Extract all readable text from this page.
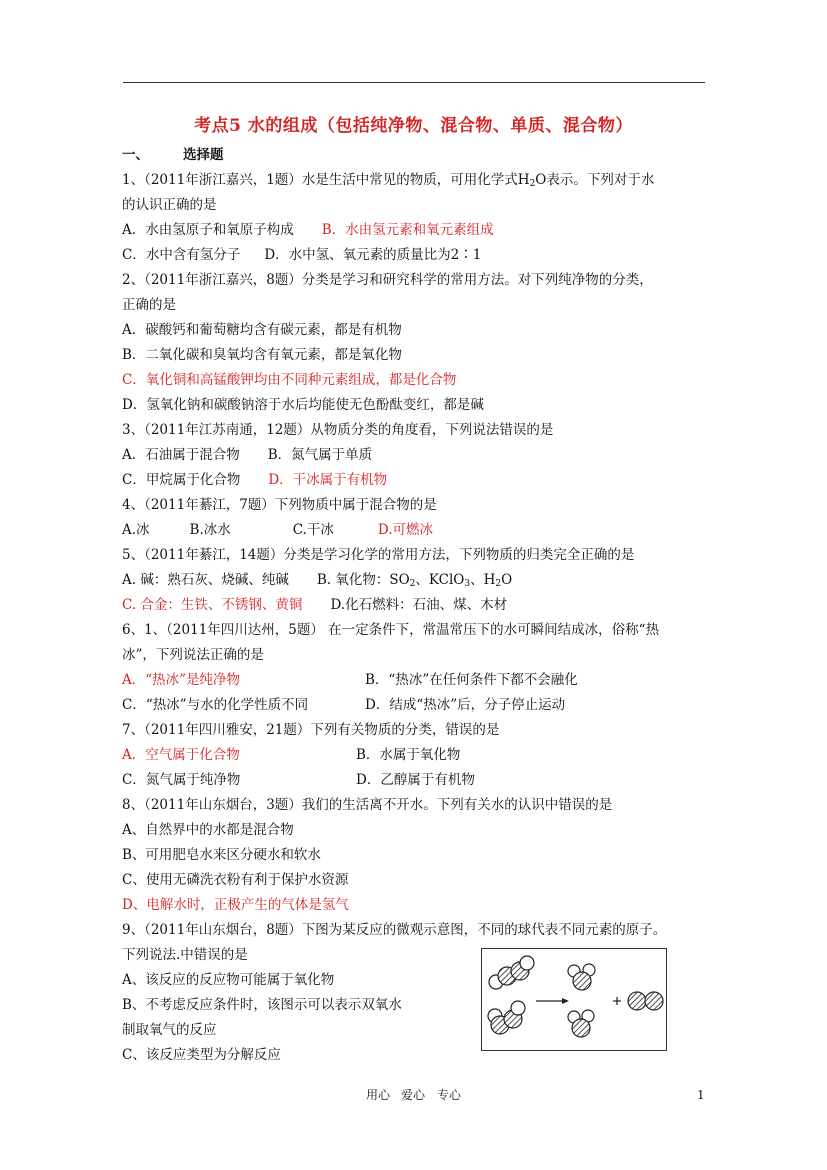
考点5 水的组成（包括纯净物、混合物、单质、混合物）
一、	选择题
1、（2011年浙江嘉兴，1题）水是生活中常见的物质，可用化学式$H_2O$表示。下列对于水
的认识正确的是
A．水由氢原子和氧原子构成 B．水由氢元素和氧元素组成
C．水中含有氢分子 D．水中氢、氧元素的质量比为2∶1
2、（2011年浙江嘉兴，8题）分类是学习和研究科学的常用方法。对下列纯净物的分类，
正确的是
A．碳酸钙和葡萄糖均含有碳元素，都是有机物
B．二氧化碳和臭氧均含有氧元素，都是氧化物
C．氧化铜和高锰酸钾均由不同种元素组成，都是化合物
D．氢氧化钠和碳酸钠溶于水后均能使无色酚酞变红，都是碱
3、（2011年江苏南通，12题）从物质分类的角度看，下列说法错误的是
A．石油属于混合物 B．氮气属于单质
C．甲烷属于化合物 D．干冰属于有机物
4、（2011年綦江，7题）下列物质中属于混合物的是
A.冰	B.冰水	C.干冰	D.可燃冰
5、（2011年綦江，14题）分类是学习化学的常用方法，下列物质的归类完全正确的是
A. 碱：熟石灰、烧碱、纯碱 B. 氧化物：$SO_2$、KClO$_3$、$H_2O$
C. 合金：生铁、不锈钢、黄铜 D.化石燃料：石油、煤、木材
6、1、（2011年四川达州，5题） 在一定条件下，常温常压下的水可瞬间结成冰，俗称“热
冰”，下列说法正确的是
A．“热冰”是纯净物	B．“热冰”在任何条件下都不会融化
C．“热冰”与水的化学性质不同	D．结成“热冰”后，分子停止运动
7、（2011年四川雅安，21题）下列有关物质的分类，错误的是
A．空气属于化合物	B．水属于氧化物
C．氮气属于纯净物	D．乙醇属于有机物
8、（2011年山东烟台，3题）我们的生活离不开水。下列有关水的认识中错误的是
A、自然界中的水都是混合物
B、可用肥皂水来区分硬水和软水
C、使用无磷洗衣粉有利于保护水资源
D、电解水时，正极产生的气体是氢气
9、（2011年山东烟台，8题）下图为某反应的微观示意图，不同的球代表不同元素的原子。
下列说法.中错误的是
A、该反应的反应物可能属于氧化物
B、不考虑反应条件时，该图示可以表示双氧水
制取氧气的反应
C、该反应类型为分解反应
用心 爱心 专心	1
